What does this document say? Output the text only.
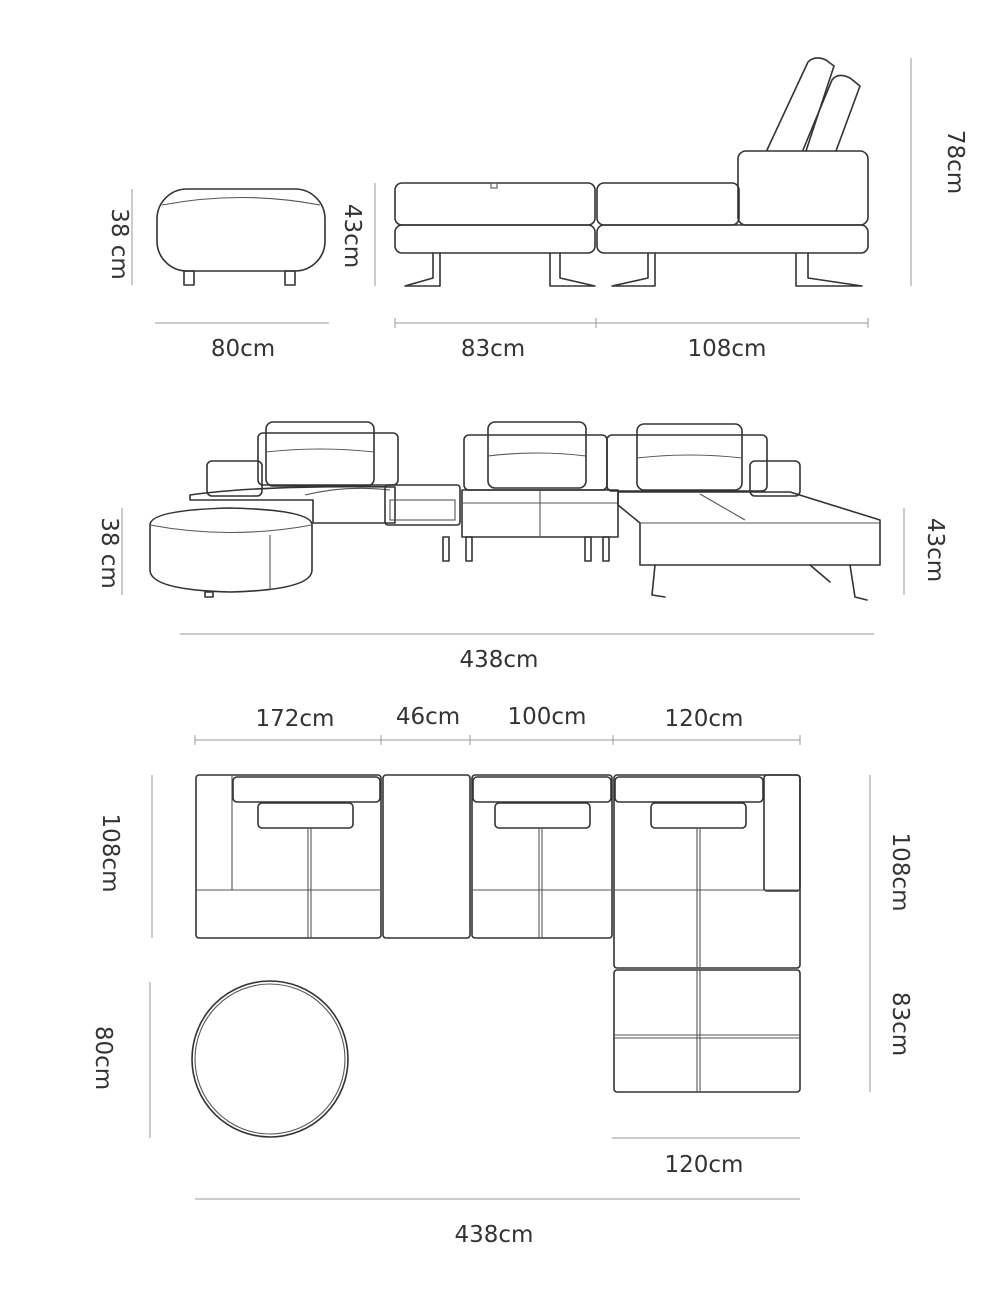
38 cm
80cm
43cm
83cm	108cm
78cm
38 cm
438cm
43cm
172cm	46cm 100cm	120cm
108cm
80cm
108cm
83cm
120cm
438cm
